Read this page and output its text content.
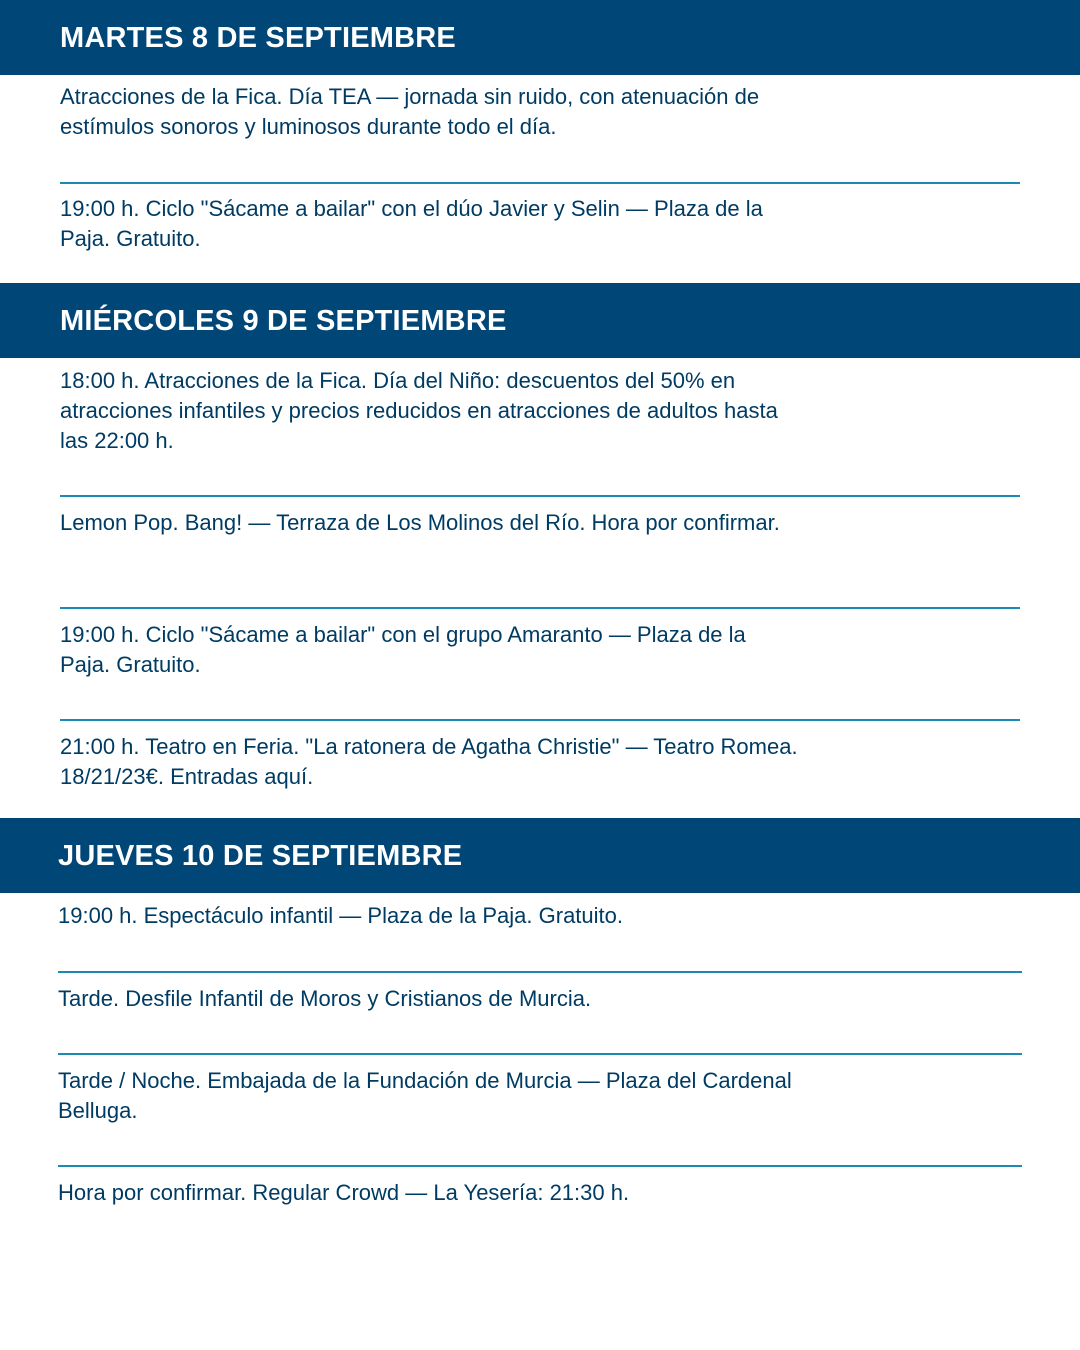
MARTES 8 DE SEPTIEMBRE

Atracciones de la Fica. Día TEA — jornada sin ruido, con atenuación de estímulos sonoros y luminosos durante todo el día.

19:00 h. Ciclo "Sácame a bailar" con el dúo Javier y Selin — Plaza de la Paja. Gratuito.

MIÉRCOLES 9 DE SEPTIEMBRE

18:00 h. Atracciones de la Fica. Día del Niño: descuentos del 50% en atracciones infantiles y precios reducidos en atracciones de adultos hasta las 22:00 h.

Lemon Pop. Bang! — Terraza de Los Molinos del Río. Hora por confirmar.

19:00 h. Ciclo "Sácame a bailar" con el grupo Amaranto — Plaza de la Paja. Gratuito.

21:00 h. Teatro en Feria. "La ratonera de Agatha Christie" — Teatro Romea. 18/21/23€. Entradas aquí.

JUEVES 10 DE SEPTIEMBRE

19:00 h. Espectáculo infantil — Plaza de la Paja. Gratuito.

Tarde. Desfile Infantil de Moros y Cristianos de Murcia.

Tarde / Noche. Embajada de la Fundación de Murcia — Plaza del Cardenal Belluga.

Hora por confirmar. Regular Crowd — La Yesería: 21:30 h.
